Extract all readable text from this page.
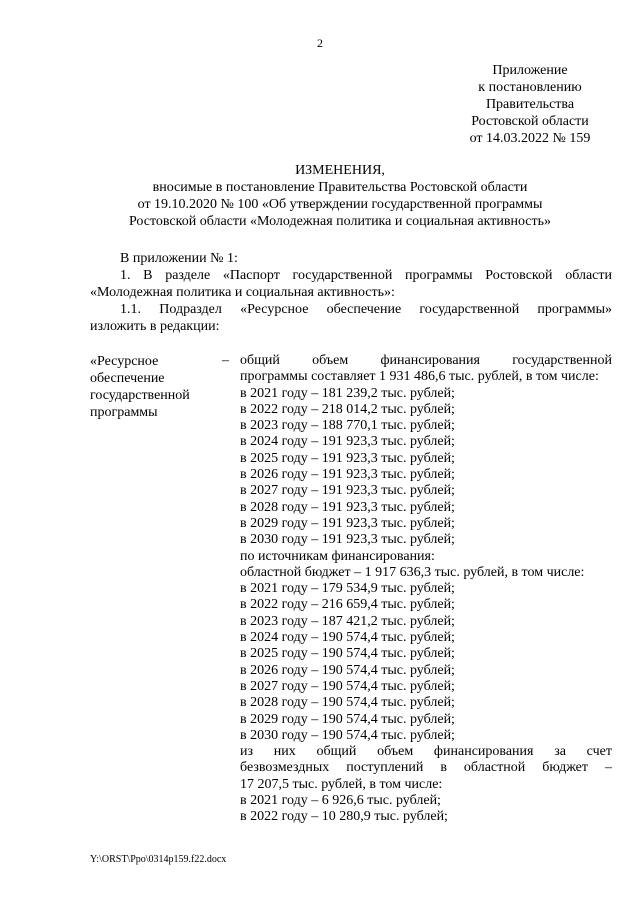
2
Приложение
к постановлению
Правительства
Ростовской области
от 14.03.2022 № 159
ИЗМЕНЕНИЯ,
вносимые в постановление Правительства Ростовской области
от 19.10.2020 № 100 «Об утверждении государственной программы
Ростовской области «Молодежная политика и социальная активность»

В приложении № 1:

1. В разделе «Паспорт государственной программы Ростовской области

«Молодежная политика и социальная активность»:

1.1. Подраздел «Ресурсное обеспечение государственной программы»

изложить в редакции:

«Ресурсное
обеспечение
государственной
программы
– общий объем финансирования государственной
программы составляет 1 931 486,6 тыс. рублей, в том числе:
в 2021 году – 181 239,2 тыс. рублей;
в 2022 году – 218 014,2 тыс. рублей;
в 2023 году – 188 770,1 тыс. рублей;
в 2024 году – 191 923,3 тыс. рублей;
в 2025 году – 191 923,3 тыс. рублей;
в 2026 году – 191 923,3 тыс. рублей;
в 2027 году – 191 923,3 тыс. рублей;
в 2028 году – 191 923,3 тыс. рублей;
в 2029 году – 191 923,3 тыс. рублей;
в 2030 году – 191 923,3 тыс. рублей;
по источникам финансирования:
областной бюджет – 1 917 636,3 тыс. рублей, в том числе:
в 2021 году – 179 534,9 тыс. рублей;
в 2022 году – 216 659,4 тыс. рублей;
в 2023 году – 187 421,2 тыс. рублей;
в 2024 году – 190 574,4 тыс. рублей;
в 2025 году – 190 574,4 тыс. рублей;
в 2026 году – 190 574,4 тыс. рублей;
в 2027 году – 190 574,4 тыс. рублей;
в 2028 году – 190 574,4 тыс. рублей;
в 2029 году – 190 574,4 тыс. рублей;
в 2030 году – 190 574,4 тыс. рублей;
из них общий объем финансирования за счет
безвозмездных поступлений в областной бюджет –
17 207,5 тыс. рублей, в том числе:
в 2021 году – 6 926,6 тыс. рублей;
в 2022 году – 10 280,9 тыс. рублей;
Y:\ORST\Ppo\0314p159.f22.docx
